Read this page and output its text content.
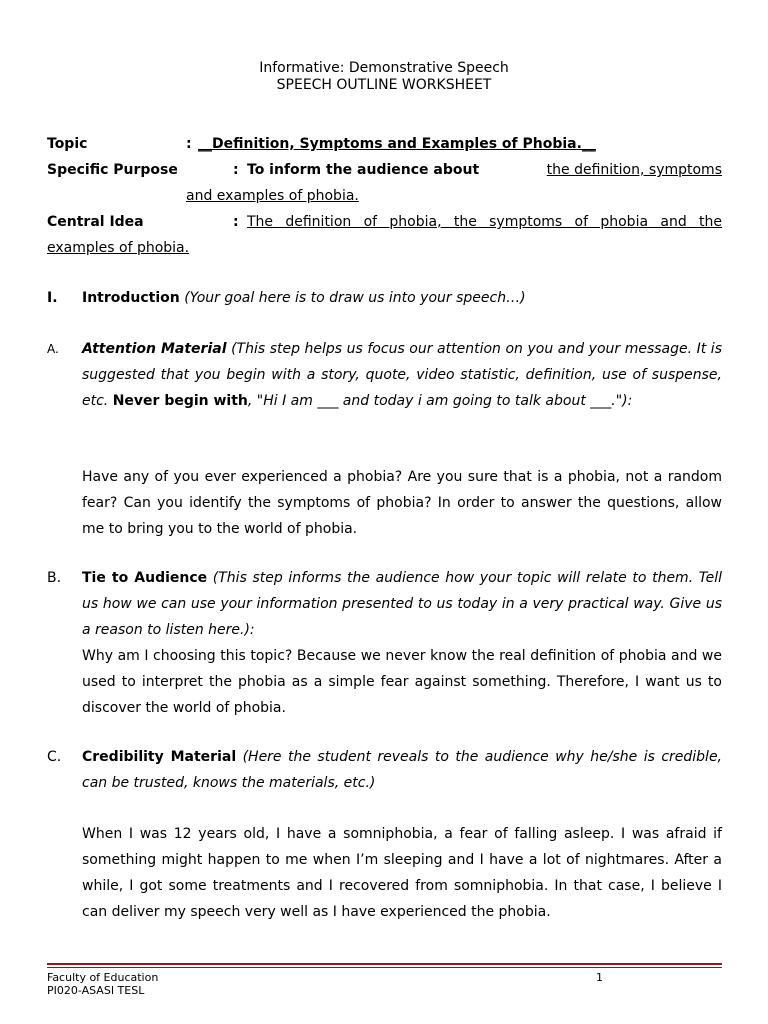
Informative: Demonstrative Speech
SPEECH OUTLINE WORKSHEET
Topic	: __Definition, Symptoms and Examples of Phobia.__
Specific Purpose	: To inform the audience about	the definition, symptoms
and examples of phobia.
Central Idea	: The definition of phobia, the symptoms of phobia and the
examples of phobia.
I. Introduction (Your goal here is to draw us into your speech…)
A. Attention Material (This step helps us focus our attention on you and your message. It is suggested that you begin with a story, quote, video statistic, definition, use of suspense, etc. Never begin with, "Hi I am ___ and today i am going to talk about ___."):
Have any of you ever experienced a phobia? Are you sure that is a phobia, not a random fear? Can you identify the symptoms of phobia? In order to answer the questions, allow me to bring you to the world of phobia.
B. Tie to Audience (This step informs the audience how your topic will relate to them. Tell us how we can use your information presented to us today in a very practical way. Give us a reason to listen here.):
Why am I choosing this topic? Because we never know the real definition of phobia and we used to interpret the phobia as a simple fear against something. Therefore, I want us to discover the world of phobia.
C. Credibility Material (Here the student reveals to the audience why he/she is credible, can be trusted, knows the materials, etc.)
When I was 12 years old, I have a somniphobia, a fear of falling asleep. I was afraid if something might happen to me when I’m sleeping and I have a lot of nightmares. After a while, I got some treatments and I recovered from somniphobia. In that case, I believe I can deliver my speech very well as I have experienced the phobia.
Faculty of Education
PI020-ASASI TESL
1
